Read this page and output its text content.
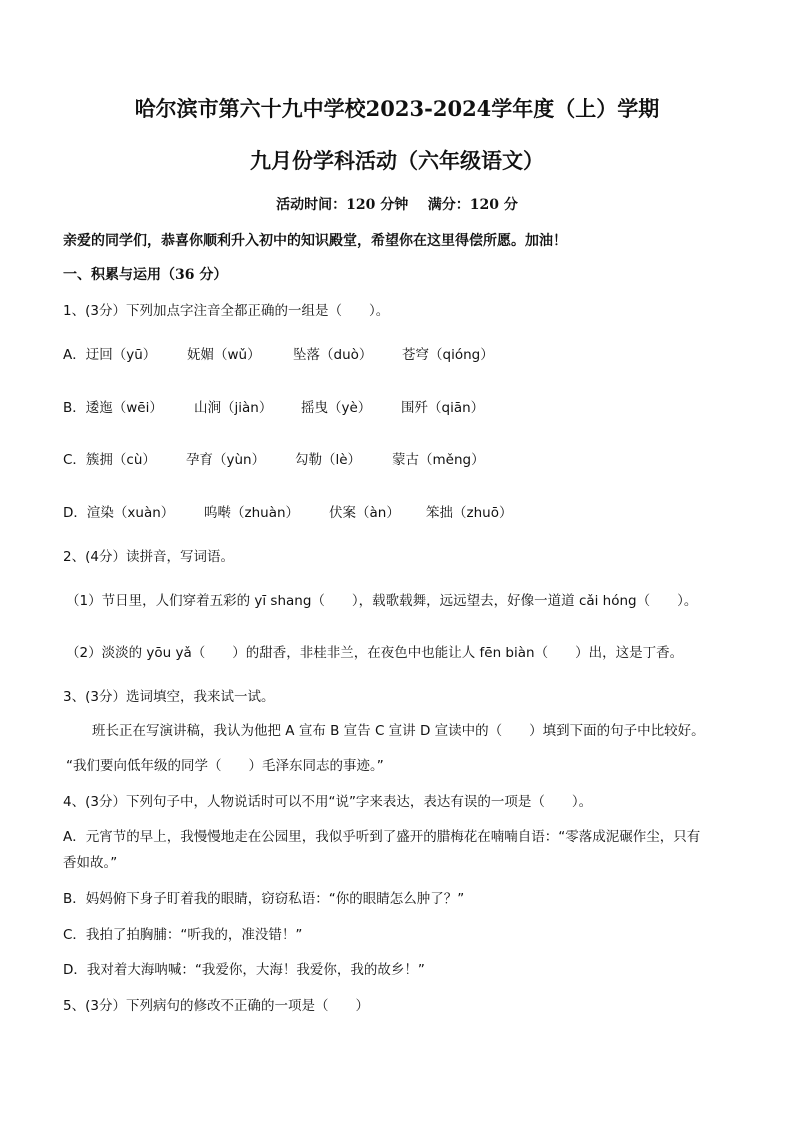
哈尔滨市第六十九中学校2023-2024学年度（上）学期
九月份学科活动（六年级语文）
活动时间：120 分钟    满分：120 分
亲爱的同学们，恭喜你顺利升入初中的知识殿堂，希望你在这里得偿所愿。加油！
一、积累与运用（36 分）
1、(3分）下列加点字注音全都正确的一组是（　　）。
A．迂回（yū） 妩媚（wǔ） 坠落（duò） 苍穹（qióng）
B．逶迤（wēi） 山涧（jiàn） 摇曳（yè） 围歼（qiān）
C．簇拥（cù） 孕育（yùn） 勾勒（lè） 蒙古（měng）
D．渲染（xuàn） 呜啭（zhuàn） 伏案（àn） 笨拙（zhuō）
2、(4分）读拼音，写词语。
（1）节日里，人们穿着五彩的 yī shang（　　），载歌载舞，远远望去，好像一道道 cǎi hóng（　　）。
（2）淡淡的 yōu yǎ（　　）的甜香，非桂非兰，在夜色中也能让人 fēn biàn（　　）出，这是丁香。
3、(3分）选词填空，我来试一试。
班长正在写演讲稿，我认为他把 A 宣布 B 宣告 C 宣讲 D 宣读中的（　　）填到下面的句子中比较好。
“我们要向低年级的同学（　　）毛泽东同志的事迹。”
4、(3分）下列句子中，人物说话时可以不用“说”字来表达，表达有误的一项是（　　）。
A．元宵节的早上，我慢慢地走在公园里，我似乎听到了盛开的腊梅花在喃喃自语：“零落成泥碾作尘，只有
香如故。”
B．妈妈俯下身子盯着我的眼睛，窃窃私语：“你的眼睛怎么肿了？”
C．我拍了拍胸脯：“听我的，准没错！”
D．我对着大海呐喊：“我爱你，大海！我爱你，我的故乡！”
5、(3分）下列病句的修改不正确的一项是（　　）
